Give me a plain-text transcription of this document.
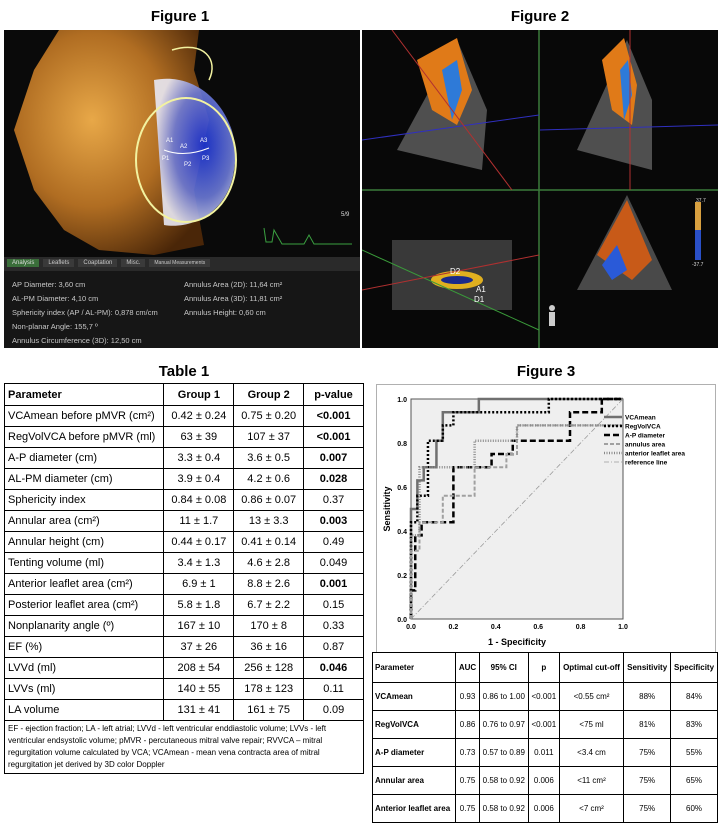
Figure 1
A1
A2
A3
P1
P2
P3
5/9
Analysis	Leaflets	Coaptation	Misc.	Manual Measurements
AP Diameter: 3,60 cm
AL-PM Diameter: 4,10 cm
Sphericity index (AP / AL-PM): 0,878 cm/cm
Non-planar Angle: 155,7 º
Annulus Circumference (3D): 12,50 cm
Annulus Area (2D): 11,64 cm²
Annulus Area (3D): 11,81 cm²
Annulus Height: 0,60 cm
Figure 2
D2
A1
D1
37.7
-37.7
Table 1
Parameter	Group 1	Group 2	p-value
VCAmean before pMVR (cm²)	0.42 ± 0.24	0.75 ± 0.20	<0.001
RegVolVCA before pMVR (ml)	63 ± 39	107 ± 37	<0.001
A-P diameter (cm)	3.3 ± 0.4	3.6 ± 0.5	0.007
AL-PM diameter (cm)	3.9 ± 0.4	4.2 ± 0.6	0.028
Sphericity index	0.84 ± 0.08	0.86 ± 0.07	0.37
Annular area (cm²)	11 ± 1.7	13 ± 3.3	0.003
Annular height (cm)	0.44 ± 0.17	0.41 ± 0.14	0.49
Tenting volume (ml)	3.4 ± 1.3	4.6 ± 2.8	0.049
Anterior leaflet area (cm²)	6.9 ± 1	8.8 ± 2.6	0.001
Posterior leaflet area (cm²)	5.8 ± 1.8	6.7 ± 2.2	0.15
Nonplanarity angle (º)	167 ± 10	170 ± 8	0.33
EF (%)	37 ± 26	36 ± 16	0.87
LVVd (ml)	208 ± 54	256 ± 128	0.046
LVVs (ml)	140 ± 55	178 ± 123	0.11
LA volume	131 ± 41	161 ± 75	0.09
EF - ejection fraction; LA - left atrial; LVVd - left ventricular enddiastolic volume; LVVs - left ventricular endsystolic volume; pMVR - percutaneous mitral valve repair; RVVCA – mitral regurgitation volume calculated by VCA; VCAmean - mean vena contracta area of mitral regurgitation jet derived by 3D color Doppler			
Figure 3
Sensitivity
1 - Specificity
0.0	0.2	0.4	0.6	0.8	1.0
0.0
0.2
0.4
0.6
0.8
1.0
VCAmean
RegVolVCA
A-P diameter
annulus area
anterior leaflet area
reference line
Parameter	AUC	95% CI	p	Optimal cut-off	Sensitivity	Specificity
VCAmean	0.93	0.86 to 1.00	<0.001	<0.55 cm²	88%	84%
RegVolVCA	0.86	0.76 to 0.97	<0.001	<75 ml	81%	83%
A-P diameter	0.73	0.57 to 0.89	0.011	<3.4 cm	75%	55%
Annular area	0.75	0.58 to 0.92	0.006	<11 cm²	75%	65%
Anterior leaflet area	0.75	0.58 to 0.92	0.006	<7 cm²	75%	60%
